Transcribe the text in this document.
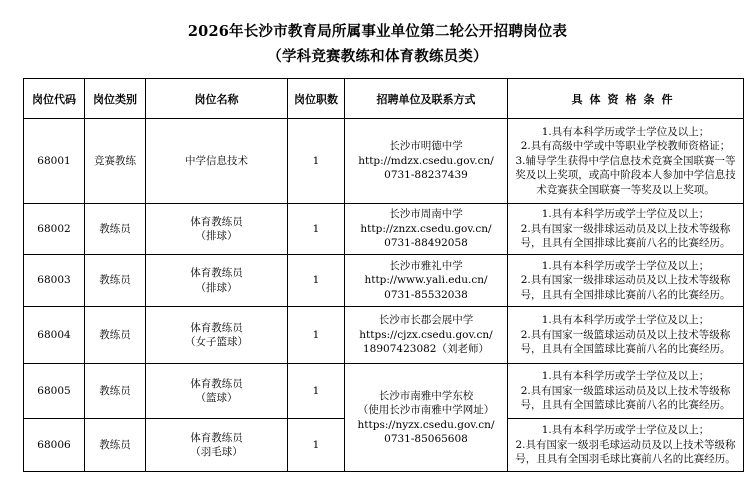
2026年长沙市教育局所属事业单位第二轮公开招聘岗位表
（学科竞赛教练和体育教练员类）
岗位代码	岗位类别	岗位名称	岗位职数	招聘单位及联系方式	具体资格条件
68001	竞赛教练	中学信息技术	1	长沙市明德中学
http://mdzx.csedu.gov.cn/
0731-88237439	1.具有本科学历或学士学位及以上；
2.具有高级中学或中等职业学校教师资格证；
3.辅导学生获得中学信息技术竞赛全国联赛一等
奖及以上奖项，或高中阶段本人参加中学信息技
术竞赛获全国联赛一等奖及以上奖项。

68002	教练员	体育教练员
（排球）	1	长沙市周南中学
http://znzx.csedu.gov.cn/
0731-88492058	1.具有本科学历或学士学位及以上；
2.具有国家一级排球运动员及以上技术等级称
号，且具有全国排球比赛前八名的比赛经历。

68003	教练员	体育教练员
（排球）	1	长沙市雅礼中学
http://www.yali.edu.cn/
0731-85532038	1.具有本科学历或学士学位及以上；
2.具有国家一级排球运动员及以上技术等级称
号，且具有全国排球比赛前八名的比赛经历。

68004	教练员	体育教练员
（女子篮球）	1	长沙市长郡会展中学
https://cjzx.csedu.gov.cn/
18907423082（刘老师）	1.具有本科学历或学士学位及以上；
2.具有国家一级篮球运动员及以上技术等级称
号，且具有全国篮球比赛前八名的比赛经历。

68005	教练员	体育教练员
（篮球）	1	长沙市南雅中学东校
（使用长沙市南雅中学网址）
https://nyzx.csedu.gov.cn/
0731-85065608	1.具有本科学历或学士学位及以上；
2.具有国家一级篮球运动员及以上技术等级称
号，且具有全国篮球比赛前八名的比赛经历。

68006	教练员	体育教练员
（羽毛球）	1		1.具有本科学历或学士学位及以上；
2.具有国家一级羽毛球运动员及以上技术等级称
号，且具有全国羽毛球比赛前八名的比赛经历。
